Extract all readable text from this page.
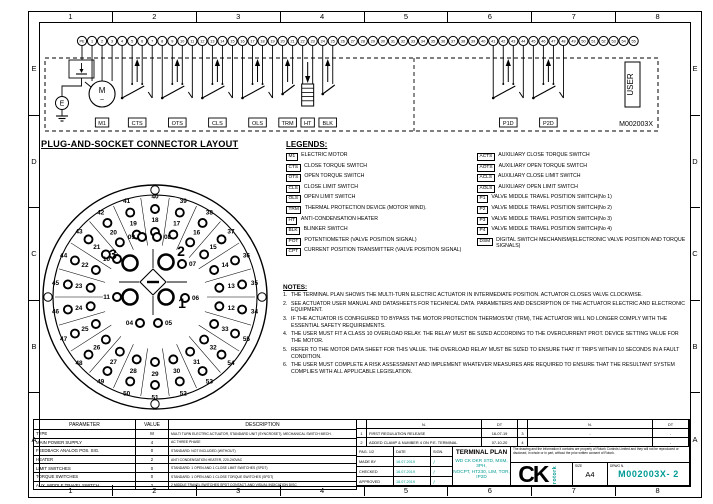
1	2	3	4	5	6	7	8
1	2	3	4	5	6	7	8
E
D
C
B
A
E
D
C
B
A
PE 1 2 3 4 5 6 7 8 9 10 11 12 13 14 15 16 17 18 19 20 21 22 23 24 25 26 27 28 29 30 31 32 33 34 35 36 37 38 39 40 41 42 43 44 45 46 47 48 49 50 51 52 53 54 55
E
M
~
M1	CTS	OTS	CLS	OLS	TRM HT BLK	P1D	P2D
USER
M002003X
PLUG-AND-SOCKET CONNECTOR LAYOUT
40
39
38
37
36
35
34
55
54
53
52
51
50
49
48
47
46
45
44
43
42
41
18 17
16
15
14
13
12
33
32
31
30
29
28
27
26
25
24
23
22
21
20
19
09	08
10
07
11	06
04	05
3	2
1
LEGENDS:
M1	ELECTRIC MOTOR
CTS	CLOSE TORQUE SWITCH
OTS	OPEN TORQUE SWITCH
CLS	CLOSE LIMIT SWITCH
OLS	OPEN LIMIT SWITCH
TRM	THERMAL PROTECTION DEVICE (MOTOR WIND).
HT	ANTI-CONDENSATION HEATER
BLK	BLINKER SWITCH
POT	POTENTIOMETER (VALVE POSITION SIGNAL)
CPT	CURRENT POSITION TRANSMITTER (VALVE POSITION SIGNAL)
ACTS	AUXILIARY CLOSE TORQUE SWITCH
AOTS	AUXILIARY OPEN TORQUE SWITCH
ACLS	AUXILIARY CLOSE LIMIT SWITCH
AOLS	AUXILIARY OPEN LIMIT SWITCH
P1	VALVE MIDDLE TRAVEL POSITION SWITCH(No 1)
P2	VALVE MIDDLE TRAVEL POSITION SWITCH(No 2)
P3	VALVE MIDDLE TRAVEL POSITION SWITCH(No 3)
P4	VALVE MIDDLE TRAVEL POSITION SWITCH(No 4)
DSM	DIGITAL SWITCH MECHANISM(ELECTRONIC VALVE POSITION AND TORQUE SIGNALS)
NOTES:
1. THE TERMINAL PLAN SHOWS THE MULTI-TURN ELECTRIC ACTUATOR IN INTERMEDIATE POSITION. ACTUATOR CLOSES VALVE CLOCKWISE.
2. SEE ACTUATOR USER MANUAL AND DATASHEETS FOR TECHNICAL DATA. PARAMETERS AND DESCRIPTION OF THE ACTUATOR ELECTRIC AND ELECTRONIC EQUIPMENT.
3. IF THE ACTUATOR IS CONFIGURED TO BYPASS THE MOTOR PROTECTION THERMOSTAT (TRM), THE ACTUATOR WILL NO LONGER COMPLY WITH THE ESSENTIAL SAFETY REQUIREMENTS.
4. THE USER MUST FIT A CLASS 10 OVERLOAD RELAY. THE RELAY MUST BE SIZED ACCORDING TO THE OVERCURRENT PROT. DEVICE SETTING VALUE FOR THE MOTOR.
5. REFER TO THE MOTOR DATA SHEET FOR THIS VALUE. THE OVERLOAD RELAY MUST BE SIZED TO ENSURE THAT IT TRIPS WITHIN 10 SECONDS IN A FAULT CONDITION.
6. THE USER MUST COMPLETE A RISK ASSESSMENT AND IMPLEMENT WHATEVER MEASURES ARE REQUIRED TO ENSURE THAT THE RESULTANT SYSTEM COMPLIES WITH ALL APPLICABLE LEGISLATION.
PARAMETER	VALUE	DESCRIPTION
TYPE	M	MULTI TURN ELECTRIC ACTUATOR, STANDARD UNIT (SYNCROSET), MECHANICAL SWITCH MECH.
MAIN POWER SUPPLY	4	AC THREE PHASE
FEEDBACK ANALOG POS. SIG.	0	STANDARD: NOT INCLUDED (WITHOUT)
HEATER	2	ANTI CONDENSATION HEATER, 220-240VAC
LIMIT SWITCHES	0	STANDARD: 1 OPEN AND 1 CLOSE LIMIT SWITCHES (SPDT)
TORQUE SWITCHES	0	STANDARD: 1 OPEN AND 1 CLOSE TORQUE SWITCHES (SPDT)
AUX. MIDDLE TRAVEL SWITCH	2	2 MIDDLE TRAVEL SWITCHES SPDT CONTACT, AND VISUAL INDICATION DISC
N.	DT	N.	DT
1	FIRST REGULATION RELEASE	16-07-19	3	-	-
2	ADDED CLAMP & NUMBER 4 ON P.E. TERMINAL	07-10-20	4	-	-
PAG. 1/2	DATE	SIGN.
MADE BY	16.07.2019	ƒ
CHECKED	16.07.2019	ƒ
APPROVED	16.07.2019	ƒ
TERMINAL PLAN
WD CK DKR STD, MSM, 3PH,
NOCPT, HT230, LIM, TOR, IP2D
The drawing and the information it contains are property of Rotork Controls Limited and they will not be reproduced or disclosed, in whole or in part, without the prior written consent of Rotork.
CK rotork	SIZE
A4
DRWG N.
M002003X- 2
